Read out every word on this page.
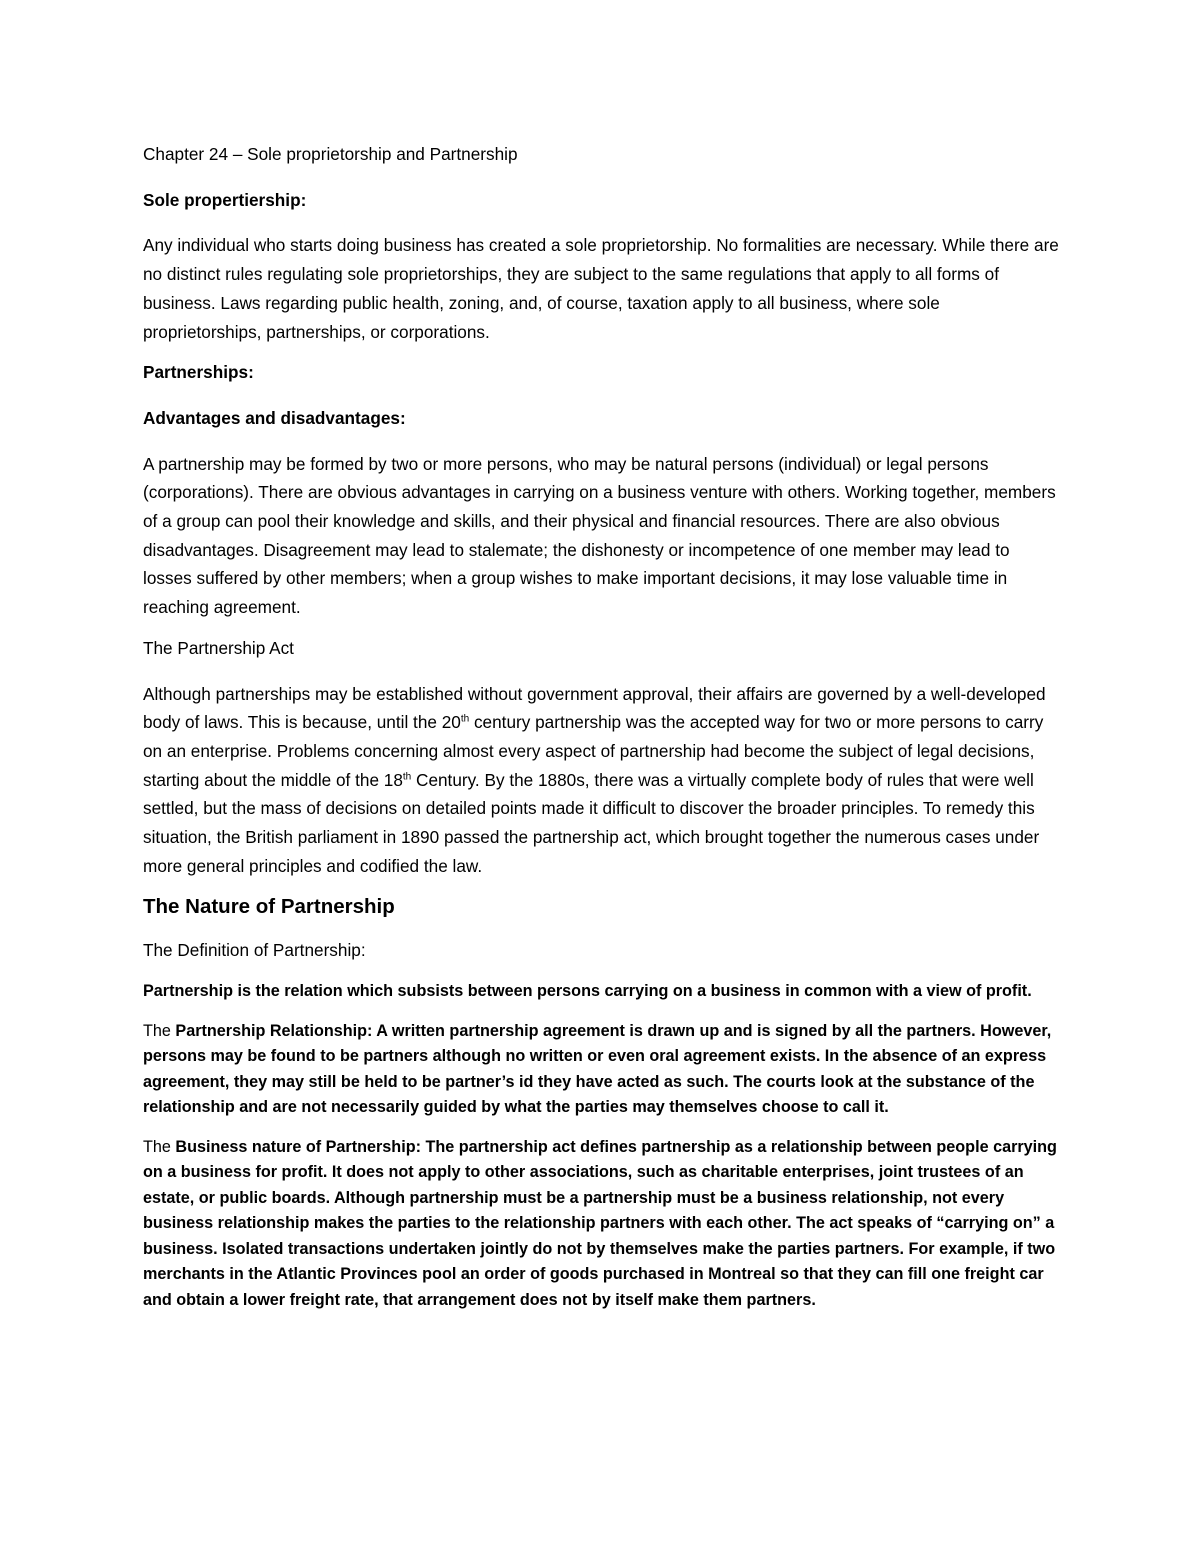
Chapter 24 – Sole proprietorship and Partnership

Sole propertiership:

Any individual who starts doing business has created a sole proprietorship. No formalities are necessary. While there are no distinct rules regulating sole proprietorships, they are subject to the same regulations that apply to all forms of business. Laws regarding public health, zoning, and, of course, taxation apply to all business, where sole proprietorships, partnerships, or corporations.

Partnerships:

Advantages and disadvantages:

A partnership may be formed by two or more persons, who may be natural persons (individual) or legal persons (corporations). There are obvious advantages in carrying on a business venture with others. Working together, members of a group can pool their knowledge and skills, and their physical and financial resources. There are also obvious disadvantages. Disagreement may lead to stalemate; the dishonesty or incompetence of one member may lead to losses suffered by other members; when a group wishes to make important decisions, it may lose valuable time in reaching agreement.

The Partnership Act

Although partnerships may be established without government approval, their affairs are governed by a well-developed body of laws. This is because, until the 20th century partnership was the accepted way for two or more persons to carry on an enterprise. Problems concerning almost every aspect of partnership had become the subject of legal decisions, starting about the middle of the 18th Century. By the 1880s, there was a virtually complete body of rules that were well settled, but the mass of decisions on detailed points made it difficult to discover the broader principles. To remedy this situation, the British parliament in 1890 passed the partnership act, which brought together the numerous cases under more general principles and codified the law.

The Nature of Partnership

The Definition of Partnership:

Partnership is the relation which subsists between persons carrying on a business in common with a view of profit.

The Partnership Relationship: A written partnership agreement is drawn up and is signed by all the partners. However, persons may be found to be partners although no written or even oral agreement exists. In the absence of an express agreement, they may still be held to be partner’s id they have acted as such. The courts look at the substance of the relationship and are not necessarily guided by what the parties may themselves choose to call it.

The Business nature of Partnership: The partnership act defines partnership as a relationship between people carrying on a business for profit. It does not apply to other associations, such as charitable enterprises, joint trustees of an estate, or public boards. Although partnership must be a partnership must be a business relationship, not every business relationship makes the parties to the relationship partners with each other. The act speaks of “carrying on” a business. Isolated transactions undertaken jointly do not by themselves make the parties partners. For example, if two merchants in the Atlantic Provinces pool an order of goods purchased in Montreal so that they can fill one freight car and obtain a lower freight rate, that arrangement does not by itself make them partners.
